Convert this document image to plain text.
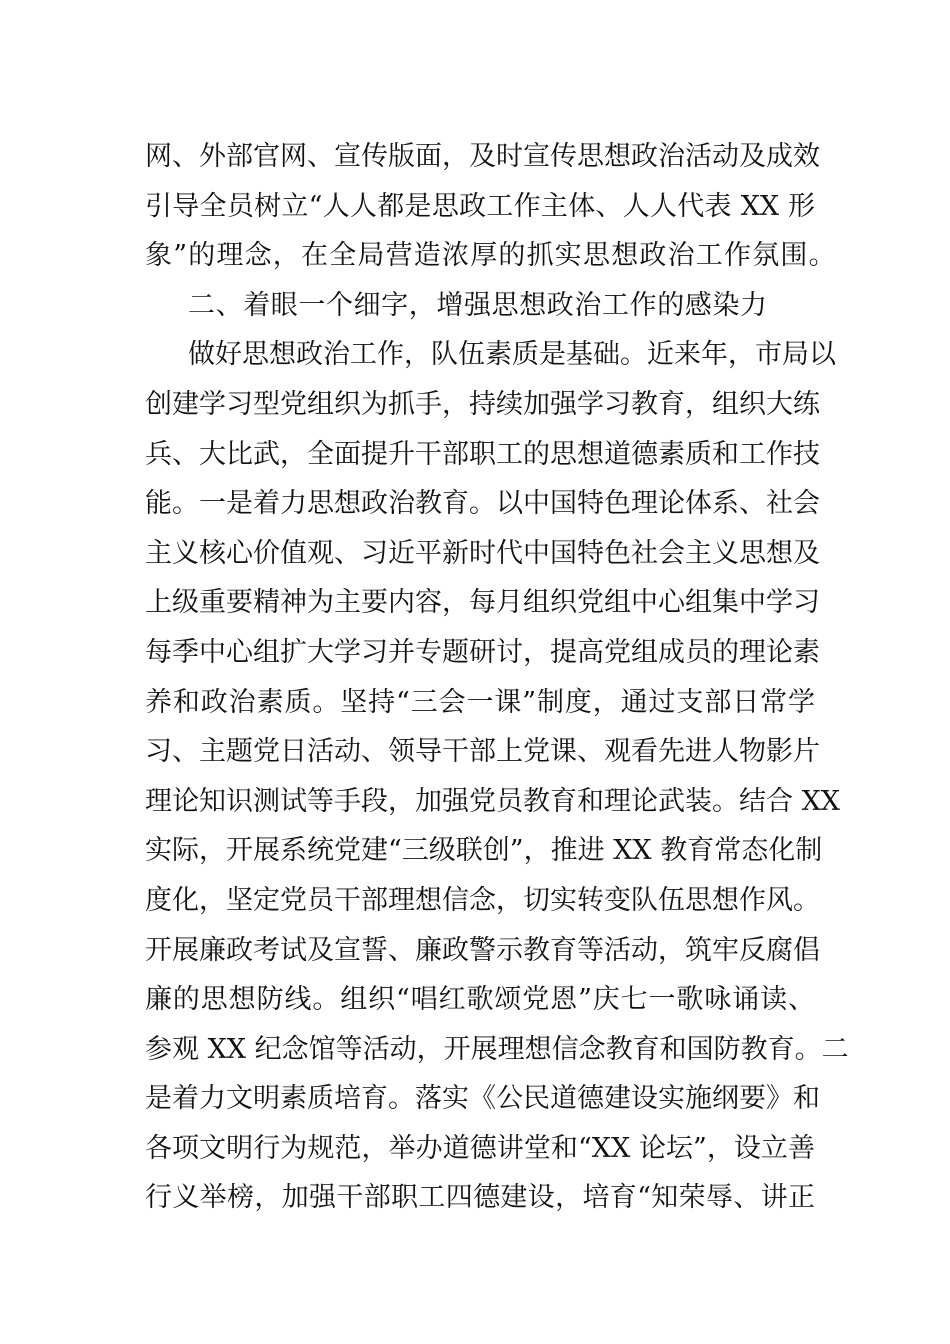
网、外部官网、宣传版面，及时宣传思想政治活动及成效
引导全员树立“人人都是思政工作主体、人人代表 XX 形
象”的理念，在全局营造浓厚的抓实思想政治工作氛围。
二、着眼一个细字，增强思想政治工作的感染力
做好思想政治工作，队伍素质是基础。近来年，市局以
创建学习型党组织为抓手，持续加强学习教育，组织大练
兵、大比武，全面提升干部职工的思想道德素质和工作技
能。一是着力思想政治教育。以中国特色理论体系、社会
主义核心价值观、习近平新时代中国特色社会主义思想及
上级重要精神为主要内容，每月组织党组中心组集中学习
每季中心组扩大学习并专题研讨，提高党组成员的理论素
养和政治素质。坚持“三会一课”制度，通过支部日常学
习、主题党日活动、领导干部上党课、观看先进人物影片
理论知识测试等手段，加强党员教育和理论武装。结合 XX
实际，开展系统党建“三级联创”，推进 XX 教育常态化制
度化，坚定党员干部理想信念，切实转变队伍思想作风。
开展廉政考试及宣誓、廉政警示教育等活动，筑牢反腐倡
廉的思想防线。组织“唱红歌颂党恩”庆七一歌咏诵读、
参观 XX 纪念馆等活动，开展理想信念教育和国防教育。二
是着力文明素质培育。落实《公民道德建设实施纲要》和
各项文明行为规范，举办道德讲堂和“XX 论坛”，设立善
行义举榜，加强干部职工四德建设，培育“知荣辱、讲正
